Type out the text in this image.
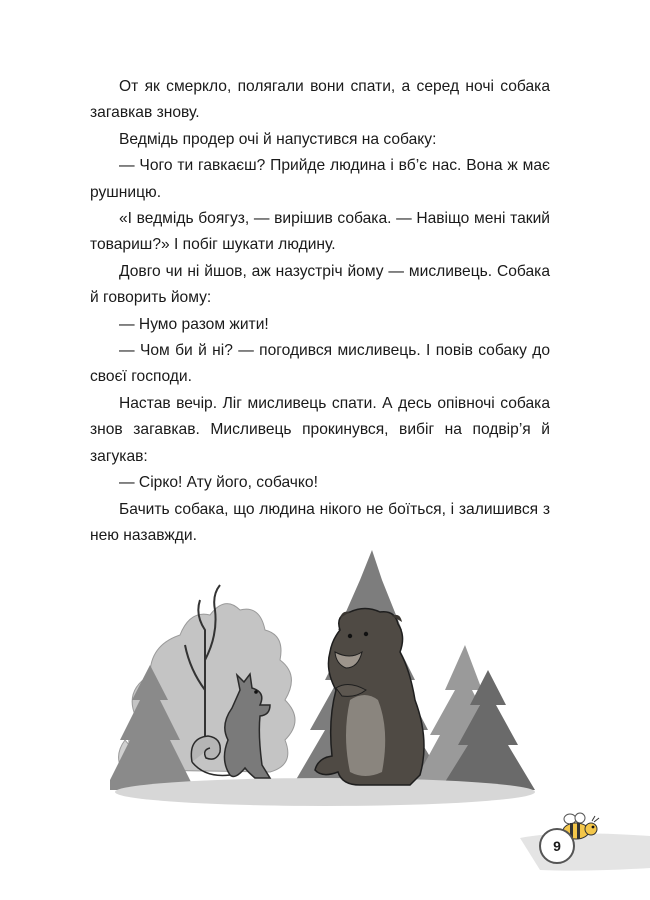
От як смеркло, полягали вони спати, а серед ночі собака загавкав знову.

Ведмідь продер очі й напустився на собаку:

— Чого ти гавкаєш? Прийде людина і вб’є нас. Вона ж має рушницю.

«І ведмідь боягуз, — вирішив собака. — Навіщо мені такий товариш?» І побіг шукати людину.

Довго чи ні йшов, аж назустріч йому — мисливець. Собака й говорить йому:

— Нумо разом жити!

— Чом би й ні? — погодився мисливець. І повів собаку до своєї господи.

Настав вечір. Ліг мисливець спати. А десь опівночі собака знов загавкав. Мисливець прокинувся, вибіг на подвір’я й загукав:

— Сірко! Ату його, собачко!

Бачить собака, що людина нікого не боїться, і залишився з нею назавжди.

9
